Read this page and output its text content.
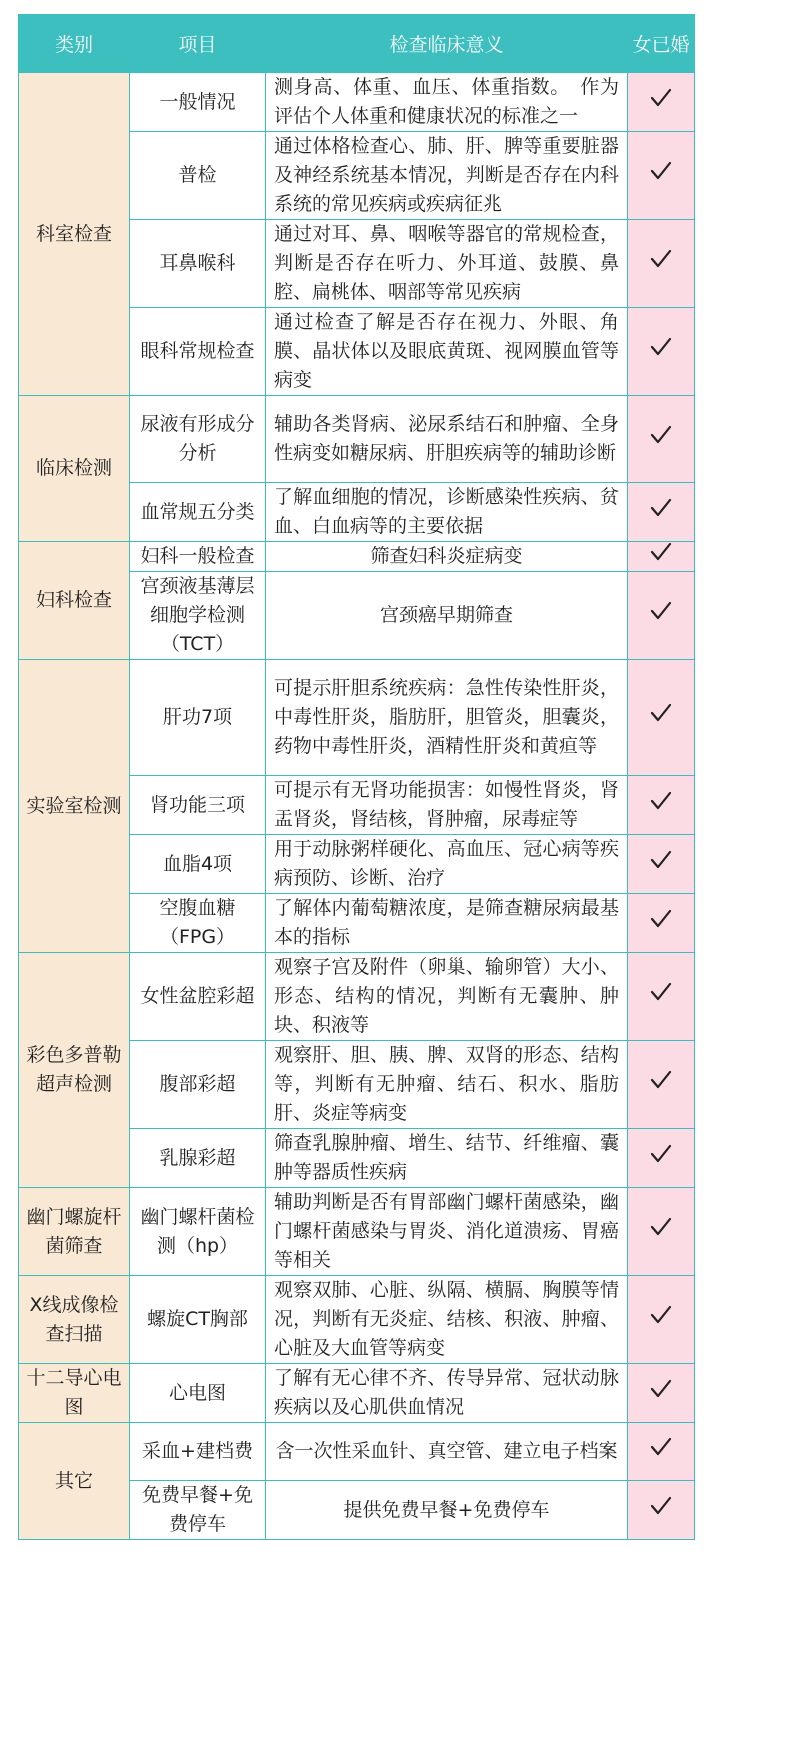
类别	项目	检查临床意义	女已婚
科室检查	一般情况	测身高、体重、血压、体重指数。　作为评估个人体重和健康状况的标准之一	
	普检	通过体格检查心、肺、肝、脾等重要脏器及神经系统基本情况，判断是否存在内科系统的常见疾病或疾病征兆	
	耳鼻喉科	通过对耳、鼻、咽喉等器官的常规检查，判断是否存在听力、外耳道、鼓膜、鼻腔、扁桃体、咽部等常见疾病	
	眼科常规检查	通过检查了解是否存在视力、外眼、角膜、晶状体以及眼底黄斑、视网膜血管等病变	
临床检测	尿液有形成分分析	辅助各类肾病、泌尿系结石和肿瘤、全身性病变如糖尿病、肝胆疾病等的辅助诊断	
	血常规五分类	了解血细胞的情况，诊断感染性疾病、贫血、白血病等的主要依据	
妇科检查	妇科一般检查	筛查妇科炎症病变	
	宫颈液基薄层细胞学检测（TCT）	宫颈癌早期筛查	
实验室检测	肝功7项	可提示肝胆系统疾病：急性传染性肝炎，中毒性肝炎，脂肪肝，胆管炎，胆囊炎，药物中毒性肝炎，酒精性肝炎和黄疸等	
	肾功能三项	可提示有无肾功能损害：如慢性肾炎，肾盂肾炎，肾结核，肾肿瘤，尿毒症等	
	血脂4项	用于动脉粥样硬化、高血压、冠心病等疾病预防、诊断、治疗	
	空腹血糖（FPG）	了解体内葡萄糖浓度，是筛查糖尿病最基本的指标	
彩色多普勒超声检测	女性盆腔彩超	观察子宫及附件（卵巢、输卵管）大小、形态、结构的情况，判断有无囊肿、肿块、积液等	
	腹部彩超	观察肝、胆、胰、脾、双肾的形态、结构等，判断有无肿瘤、结石、积水、脂肪肝、炎症等病变	
	乳腺彩超	筛查乳腺肿瘤、增生、结节、纤维瘤、囊肿等器质性疾病	
幽门螺旋杆菌筛查	幽门螺杆菌检测（hp）	辅助判断是否有胃部幽门螺杆菌感染，幽门螺杆菌感染与胃炎、消化道溃疡、胃癌等相关	
X线成像检查扫描	螺旋CT胸部	观察双肺、心脏、纵隔、横膈、胸膜等情况，判断有无炎症、结核、积液、肿瘤、心脏及大血管等病变	
十二导心电图	心电图	了解有无心律不齐、传导异常、冠状动脉疾病以及心肌供血情况	
其它	采血+建档费	含一次性采血针、真空管、建立电子档案	
	免费早餐+免费停车	提供免费早餐+免费停车	
